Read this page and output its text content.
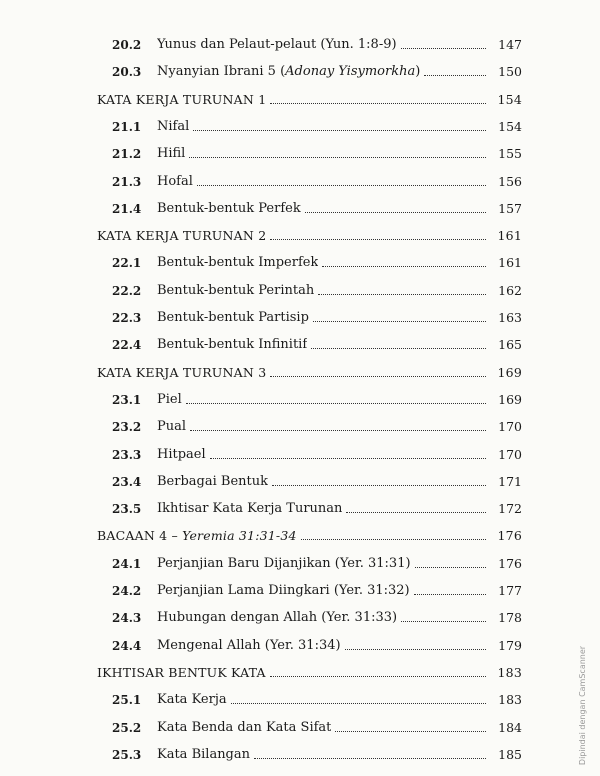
20.2	Yunus dan Pelaut-pelaut (Yun. 1:8-9)	147
20.3	Nyanyian Ibrani 5 (Adonay Yisymorkha)	150
KATA KERJA TURUNAN 1	154
21.1	Nifal	154
21.2	Hifil	155
21.3	Hofal	156
21.4	Bentuk-bentuk Perfek	157
KATA KERJA TURUNAN 2	161
22.1	Bentuk-bentuk Imperfek	161
22.2	Bentuk-bentuk Perintah	162
22.3	Bentuk-bentuk Partisip	163
22.4	Bentuk-bentuk Infinitif	165
KATA KERJA TURUNAN 3	169
23.1	Piel	169
23.2	Pual	170
23.3	Hitpael	170
23.4	Berbagai Bentuk	171
23.5	Ikhtisar Kata Kerja Turunan	172
BACAAN 4 – Yeremia 31:31-34	176
24.1	Perjanjian Baru Dijanjikan (Yer. 31:31)	176
24.2	Perjanjian Lama Diingkari (Yer. 31:32)	177
24.3	Hubungan dengan Allah (Yer. 31:33)	178
24.4	Mengenal Allah (Yer. 31:34)	179
IKHTISAR BENTUK KATA	183
25.1	Kata Kerja	183
25.2	Kata Benda dan Kata Sifat	184
25.3	Kata Bilangan	185	Dipindai dengan CamScanner
